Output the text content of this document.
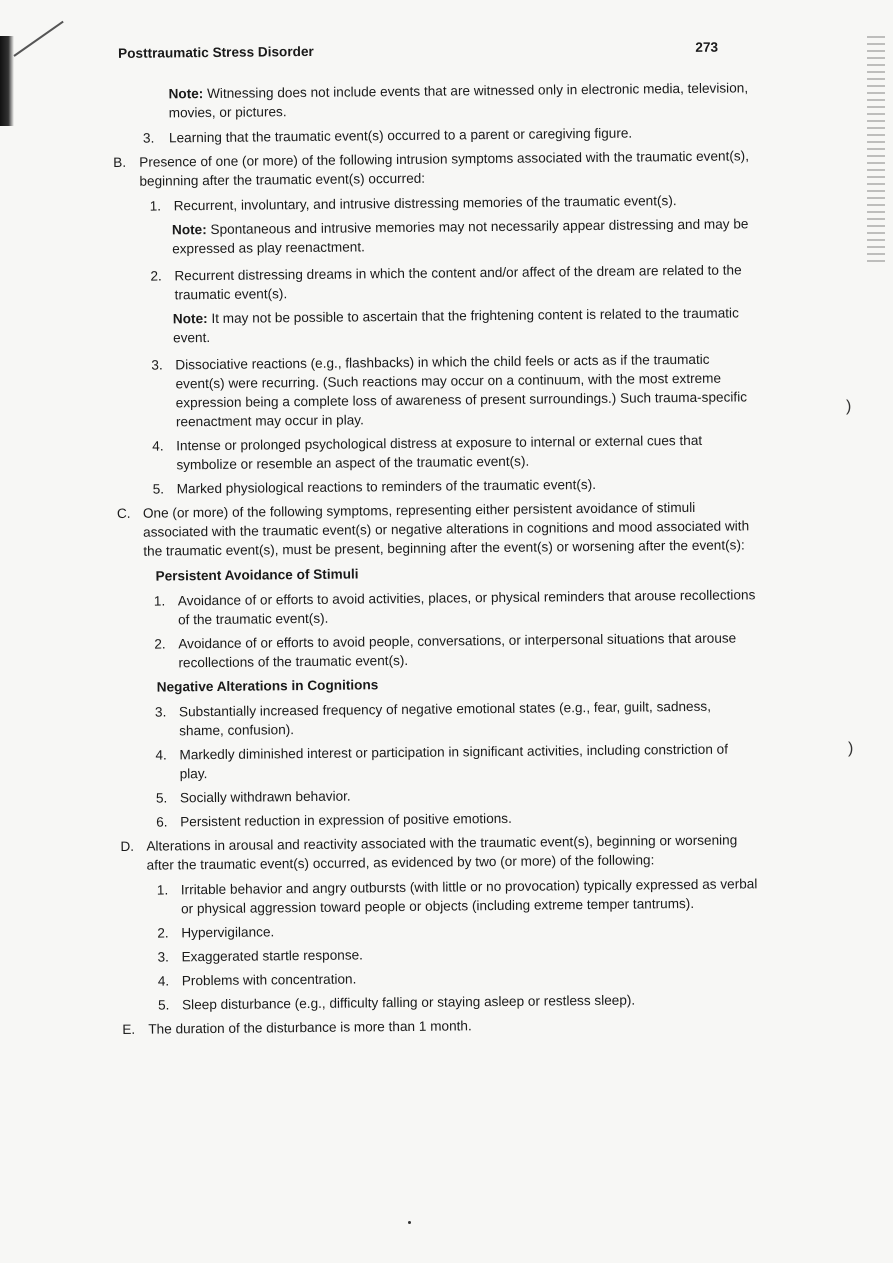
)
)
Posttraumatic Stress Disorder	273
Note: Witnessing does not include events that are witnessed only in electronic media, television, movies, or pictures.
3.	Learning that the traumatic event(s) occurred to a parent or caregiving figure.
B. Presence of one (or more) of the following intrusion symptoms associated with the traumatic event(s), beginning after the traumatic event(s) occurred:
1. Recurrent, involuntary, and intrusive distressing memories of the traumatic event(s).
Note: Spontaneous and intrusive memories may not necessarily appear distressing and may be expressed as play reenactment.
2. Recurrent distressing dreams in which the content and/or affect of the dream are related to the traumatic event(s).
Note: It may not be possible to ascertain that the frightening content is related to the traumatic event.
3. Dissociative reactions (e.g., flashbacks) in which the child feels or acts as if the traumatic event(s) were recurring. (Such reactions may occur on a continuum, with the most extreme expression being a complete loss of awareness of present surroundings.) Such trauma-specific reenactment may occur in play.
4. Intense or prolonged psychological distress at exposure to internal or external cues that symbolize or resemble an aspect of the traumatic event(s).
5. Marked physiological reactions to reminders of the traumatic event(s).
C. One (or more) of the following symptoms, representing either persistent avoidance of stimuli associated with the traumatic event(s) or negative alterations in cognitions and mood associated with the traumatic event(s), must be present, beginning after the event(s) or worsening after the event(s):
Persistent Avoidance of Stimuli
1. Avoidance of or efforts to avoid activities, places, or physical reminders that arouse recollections of the traumatic event(s).
2. Avoidance of or efforts to avoid people, conversations, or interpersonal situations that arouse recollections of the traumatic event(s).
Negative Alterations in Cognitions
3. Substantially increased frequency of negative emotional states (e.g., fear, guilt, sadness, shame, confusion).
4. Markedly diminished interest or participation in significant activities, including constriction of play.
5. Socially withdrawn behavior.
6. Persistent reduction in expression of positive emotions.
D. Alterations in arousal and reactivity associated with the traumatic event(s), beginning or worsening after the traumatic event(s) occurred, as evidenced by two (or more) of the following:
1. Irritable behavior and angry outbursts (with little or no provocation) typically expressed as verbal or physical aggression toward people or objects (including extreme temper tantrums).
2. Hypervigilance.
3. Exaggerated startle response.
4. Problems with concentration.
5. Sleep disturbance (e.g., difficulty falling or staying asleep or restless sleep).
E. The duration of the disturbance is more than 1 month.
